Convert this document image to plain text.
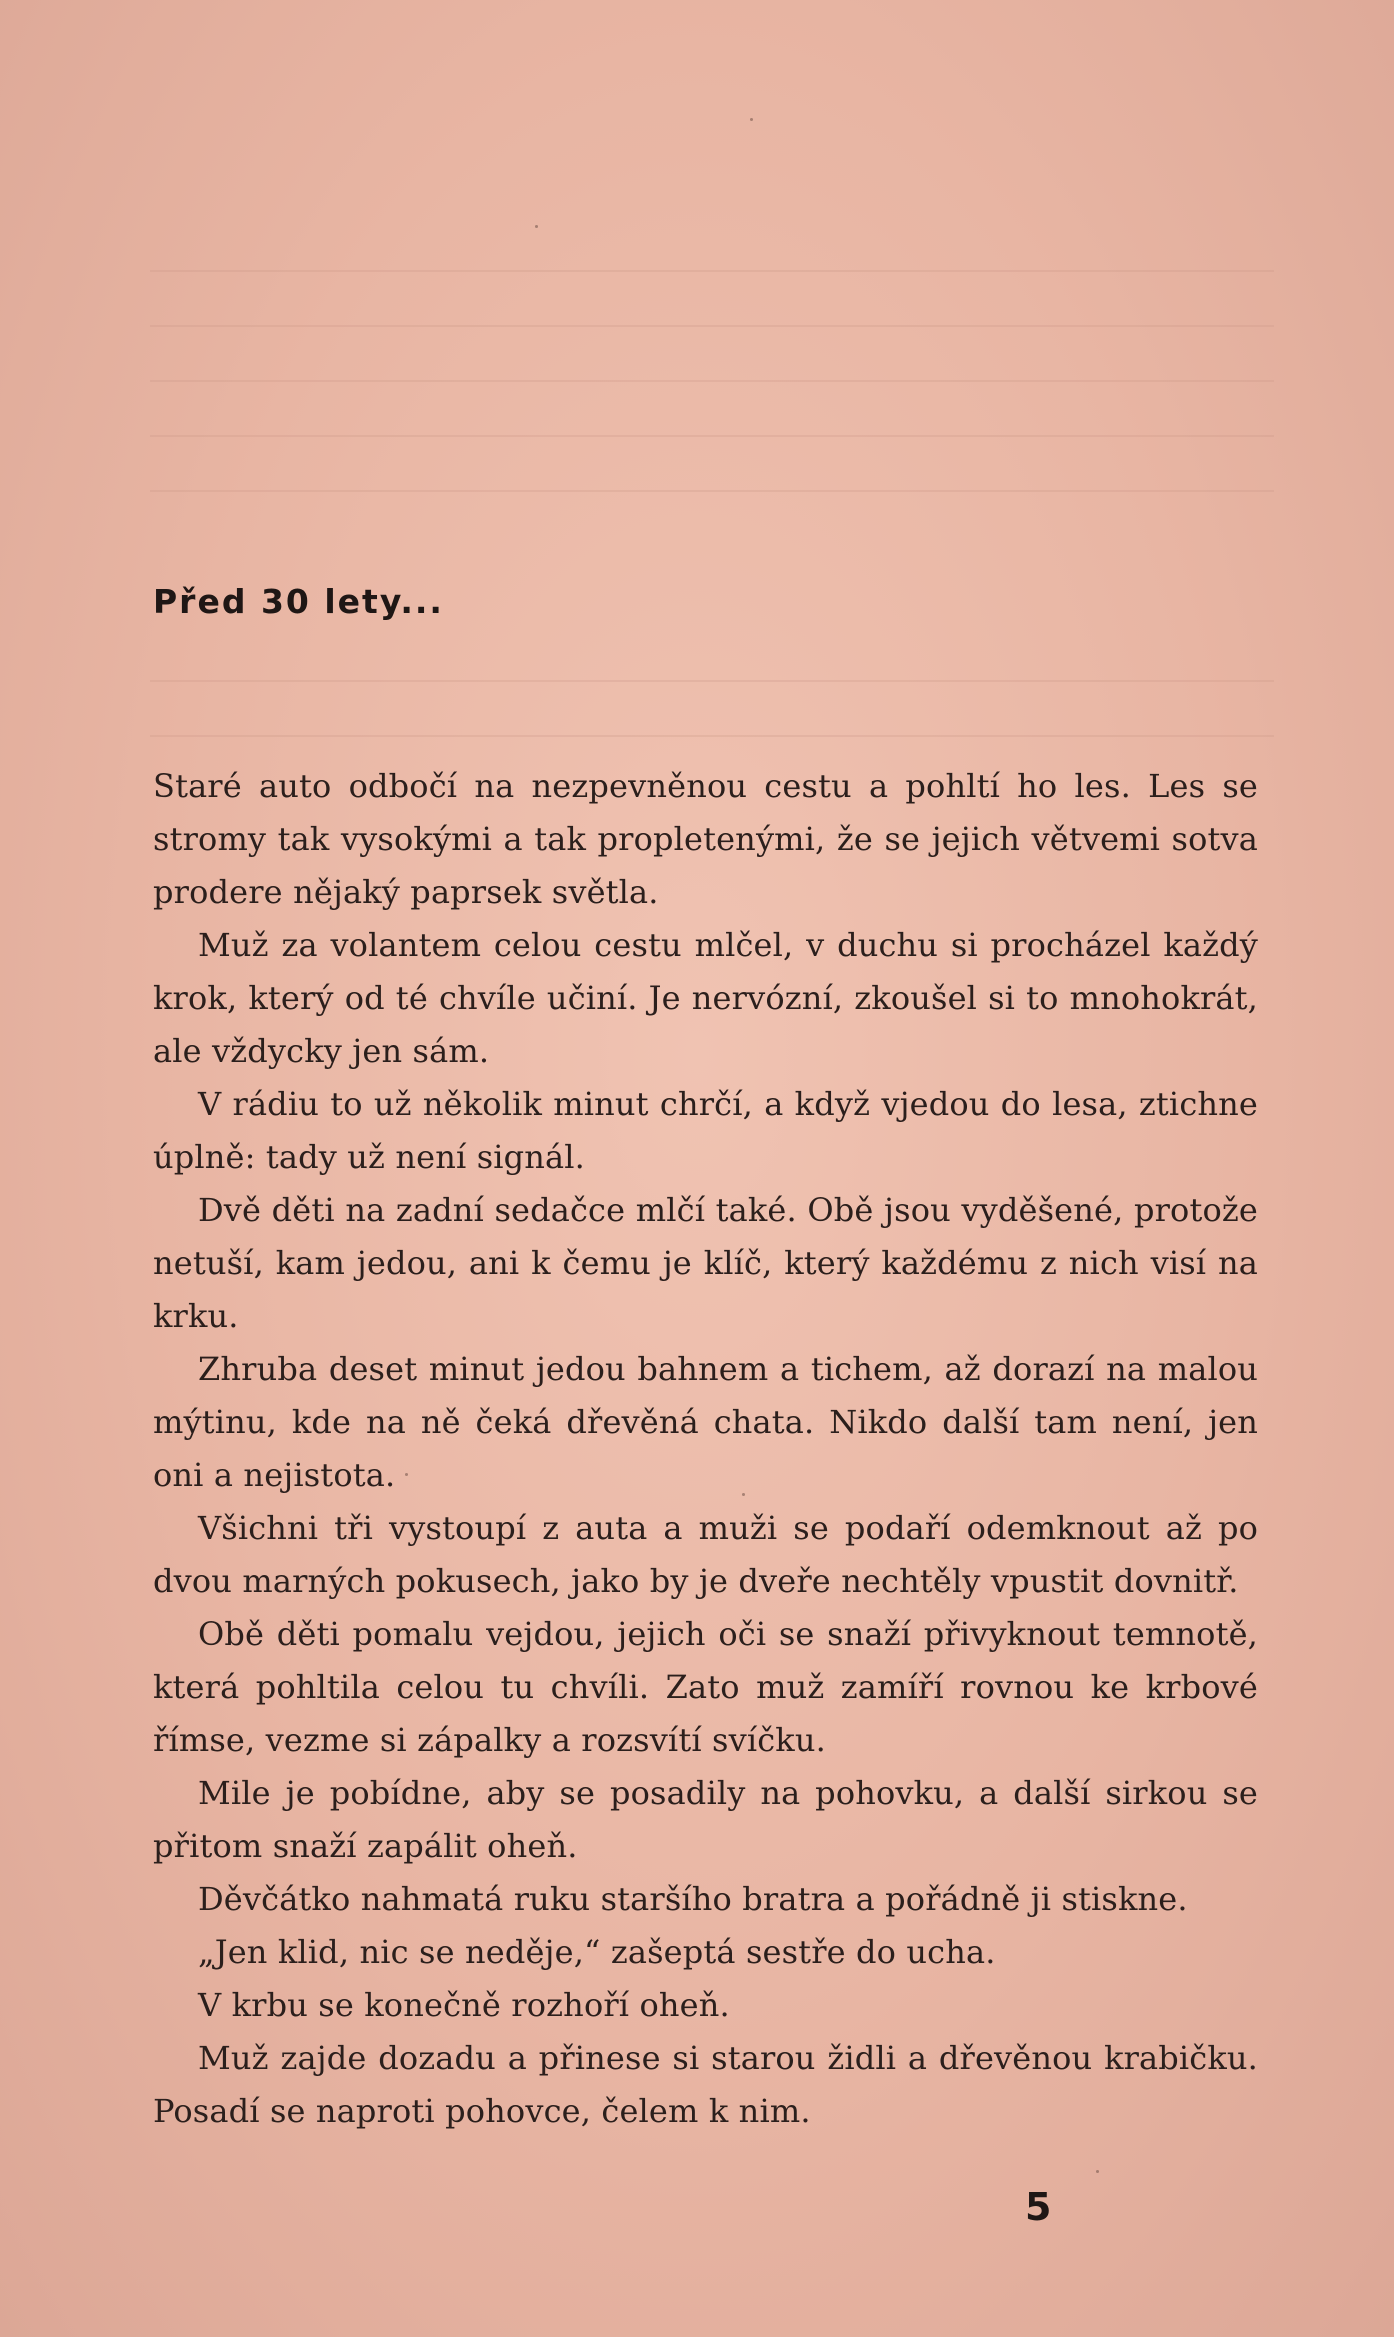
Před 30 lety...

Staré auto odbočí na nezpevněnou cestu a pohltí ho les. Les se stromy tak vysokými a tak propletenými, že se jejich větvemi sotva prodere nějaký paprsek světla.

Muž za volantem celou cestu mlčel, v duchu si procházel každý krok, který od té chvíle učiní. Je nervózní, zkoušel si to mnohokrát, ale vždycky jen sám.

V rádiu to už několik minut chrčí, a když vjedou do lesa, ztichne úplně: tady už není signál.

Dvě děti na zadní sedačce mlčí také. Obě jsou vyděšené, protože netuší, kam jedou, ani k čemu je klíč, který každému z nich visí na krku.

Zhruba deset minut jedou bahnem a tichem, až dorazí na malou mýtinu, kde na ně čeká dřevěná chata. Nikdo další tam není, jen oni a nejistota.

Všichni tři vystoupí z auta a muži se podaří odemknout až po dvou marných pokusech, jako by je dveře nechtěly vpustit dovnitř.

Obě děti pomalu vejdou, jejich oči se snaží přivyknout temnotě, která pohltila celou tu chvíli. Zato muž zamíří rovnou ke krbové římse, vezme si zápalky a rozsvítí svíčku.

Mile je pobídne, aby se posadily na pohovku, a další sirkou se přitom snaží zapálit oheň.

Děvčátko nahmatá ruku staršího bratra a pořádně ji stiskne.

„Jen klid, nic se neděje,“ zašeptá sestře do ucha.

V krbu se konečně rozhoří oheň.

Muž zajde dozadu a přinese si starou židli a dřevěnou krabičku. Posadí se naproti pohovce, čelem k nim.

5
